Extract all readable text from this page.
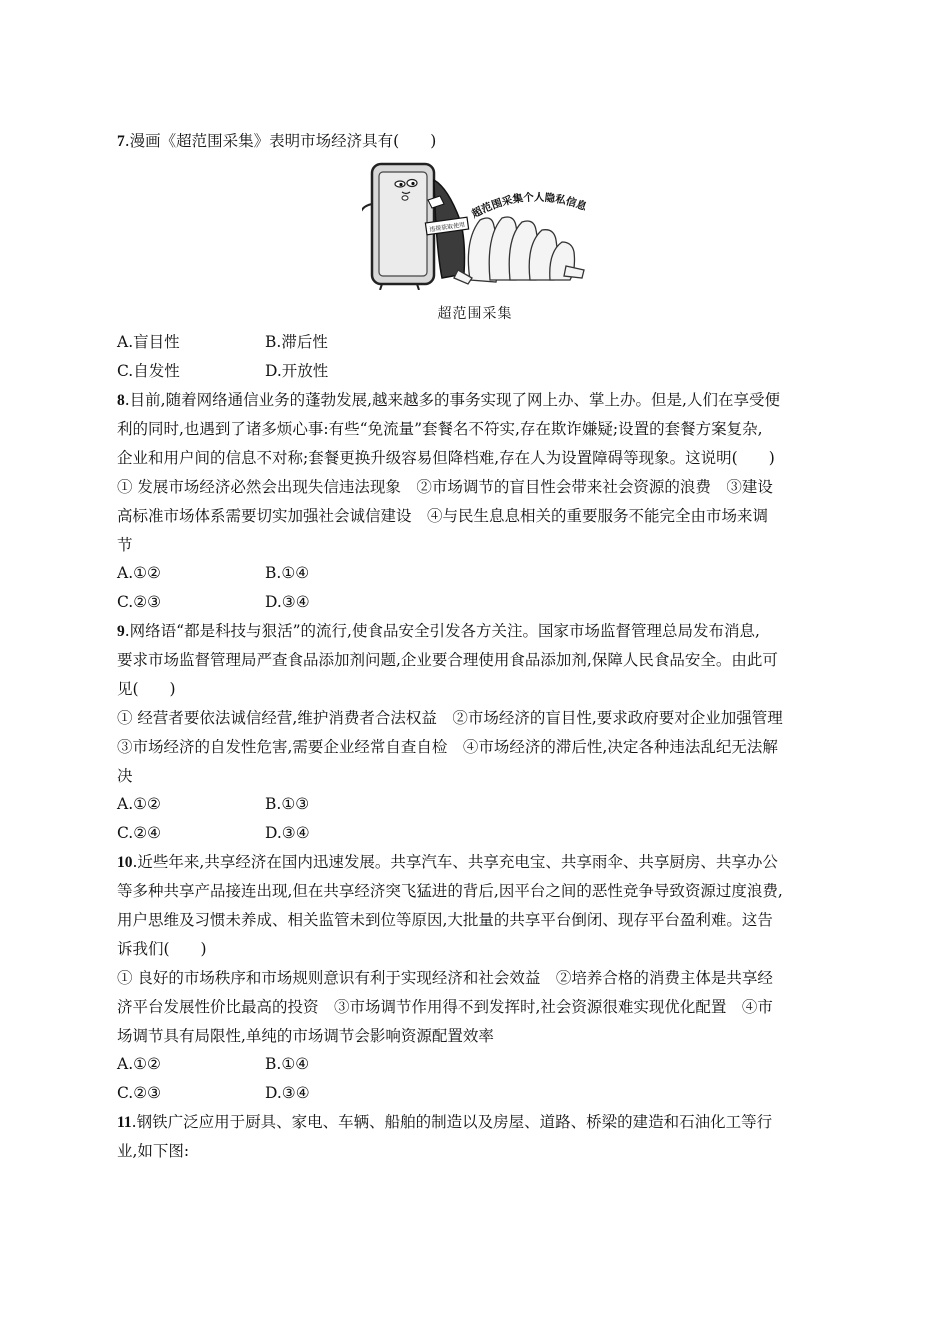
7.漫画《超范围采集》表明市场经济具有(　　)
违规获取使用
超范围采集个人隐私信息
超范围采集
A.盲目性	B.滞后性
C.自发性	D.开放性
8.目前,随着网络通信业务的蓬勃发展,越来越多的事务实现了网上办、掌上办。但是,人们在享受便
利的同时,也遇到了诸多烦心事:有些“免流量”套餐名不符实,存在欺诈嫌疑;设置的套餐方案复杂,
企业和用户间的信息不对称;套餐更换升级容易但降档难,存在人为设置障碍等现象。这说明(　　)
① 发展市场经济必然会出现失信违法现象　②市场调节的盲目性会带来社会资源的浪费　③建设
高标准市场体系需要切实加强社会诚信建设　④与民生息息相关的重要服务不能完全由市场来调
节
A.①②	B.①④
C.②③	D.③④
9.网络语“都是科技与狠活”的流行,使食品安全引发各方关注。国家市场监督管理总局发布消息,
要求市场监督管理局严查食品添加剂问题,企业要合理使用食品添加剂,保障人民食品安全。由此可
见(　　)
① 经营者要依法诚信经营,维护消费者合法权益　②市场经济的盲目性,要求政府要对企业加强管理
③市场经济的自发性危害,需要企业经常自查自检　④市场经济的滞后性,决定各种违法乱纪无法解
决
A.①②	B.①③
C.②④	D.③④
10.近些年来,共享经济在国内迅速发展。共享汽车、共享充电宝、共享雨伞、共享厨房、共享办公
等多种共享产品接连出现,但在共享经济突飞猛进的背后,因平台之间的恶性竞争导致资源过度浪费,
用户思维及习惯未养成、相关监管未到位等原因,大批量的共享平台倒闭、现存平台盈利难。这告
诉我们(　　)
① 良好的市场秩序和市场规则意识有利于实现经济和社会效益　②培养合格的消费主体是共享经
济平台发展性价比最高的投资　③市场调节作用得不到发挥时,社会资源很难实现优化配置　④市
场调节具有局限性,单纯的市场调节会影响资源配置效率
A.①②	B.①④
C.②③	D.③④
11.钢铁广泛应用于厨具、家电、车辆、船舶的制造以及房屋、道路、桥梁的建造和石油化工等行
业,如下图:
